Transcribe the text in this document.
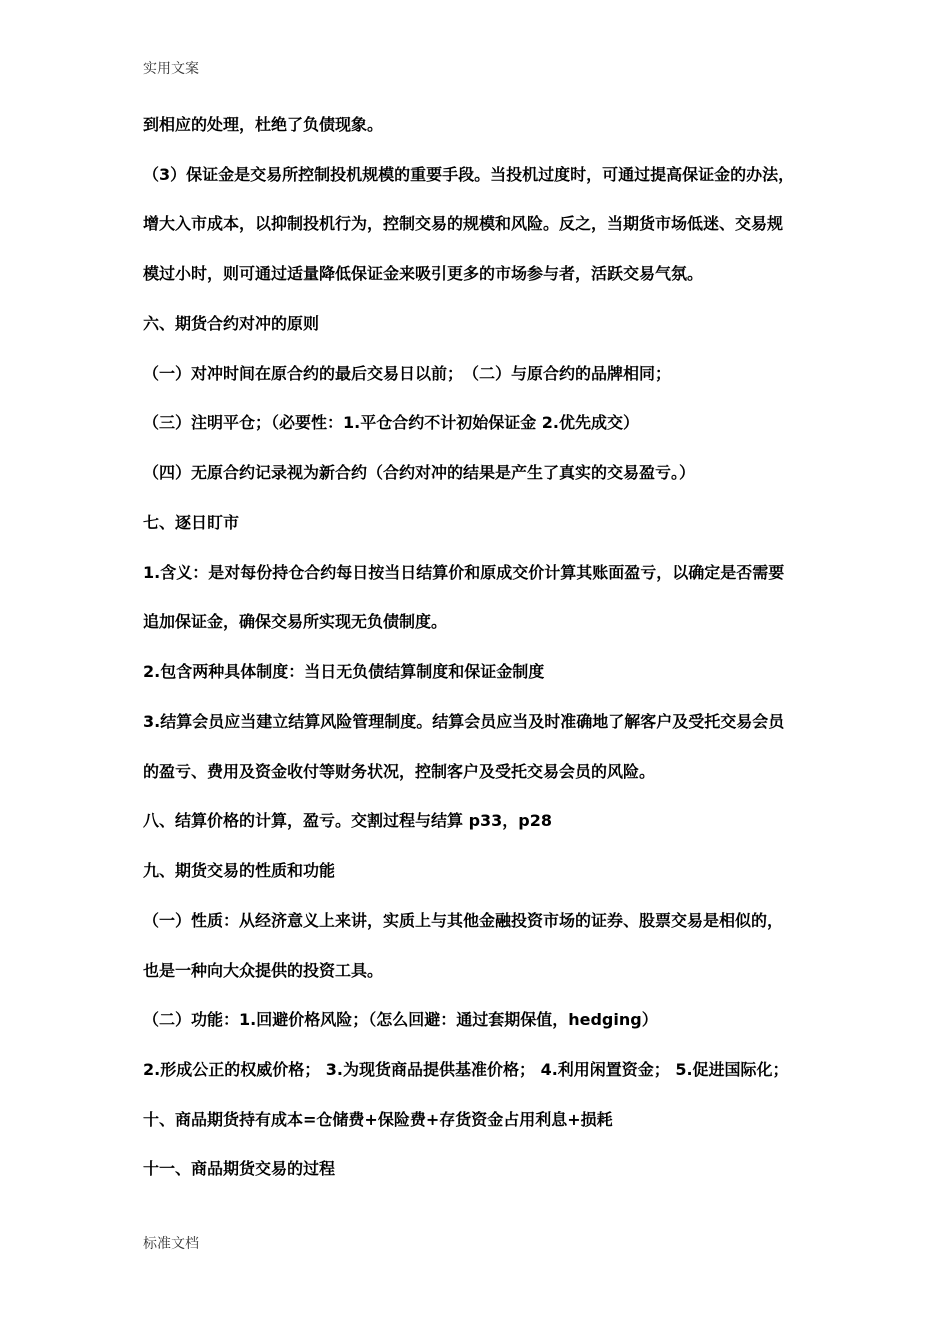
实用文案
到相应的处理，杜绝了负债现象。
（3）保证金是交易所控制投机规模的重要手段。当投机过度时，可通过提高保证金的办法，
增大入市成本，以抑制投机行为，控制交易的规模和风险。反之，当期货市场低迷、交易规
模过小时，则可通过适量降低保证金来吸引更多的市场参与者，活跃交易气氛。
六、期货合约对冲的原则
（一）对冲时间在原合约的最后交易日以前；　（二）与原合约的品牌相同；
（三）注明平仓；（必要性：1.平仓合约不计初始保证金 2.优先成交）
（四）无原合约记录视为新合约（合约对冲的结果是产生了真实的交易盈亏。）
七、逐日盯市
1.含义：是对每份持仓合约每日按当日结算价和原成交价计算其账面盈亏，以确定是否需要
追加保证金，确保交易所实现无负债制度。
2.包含两种具体制度：当日无负债结算制度和保证金制度
3.结算会员应当建立结算风险管理制度。结算会员应当及时准确地了解客户及受托交易会员
的盈亏、费用及资金收付等财务状况，控制客户及受托交易会员的风险。
八、结算价格的计算，盈亏。交割过程与结算 p33，p28
九、期货交易的性质和功能
（一）性质：从经济意义上来讲，实质上与其他金融投资市场的证券、股票交易是相似的，
也是一种向大众提供的投资工具。
（二）功能：1.回避价格风险；（怎么回避：通过套期保值，hedging）
2.形成公正的权威价格； 3.为现货商品提供基准价格； 4.利用闲置资金； 5.促进国际化；
十、商品期货持有成本=仓储费+保险费+存货资金占用利息+损耗
十一、商品期货交易的过程
标准文档
